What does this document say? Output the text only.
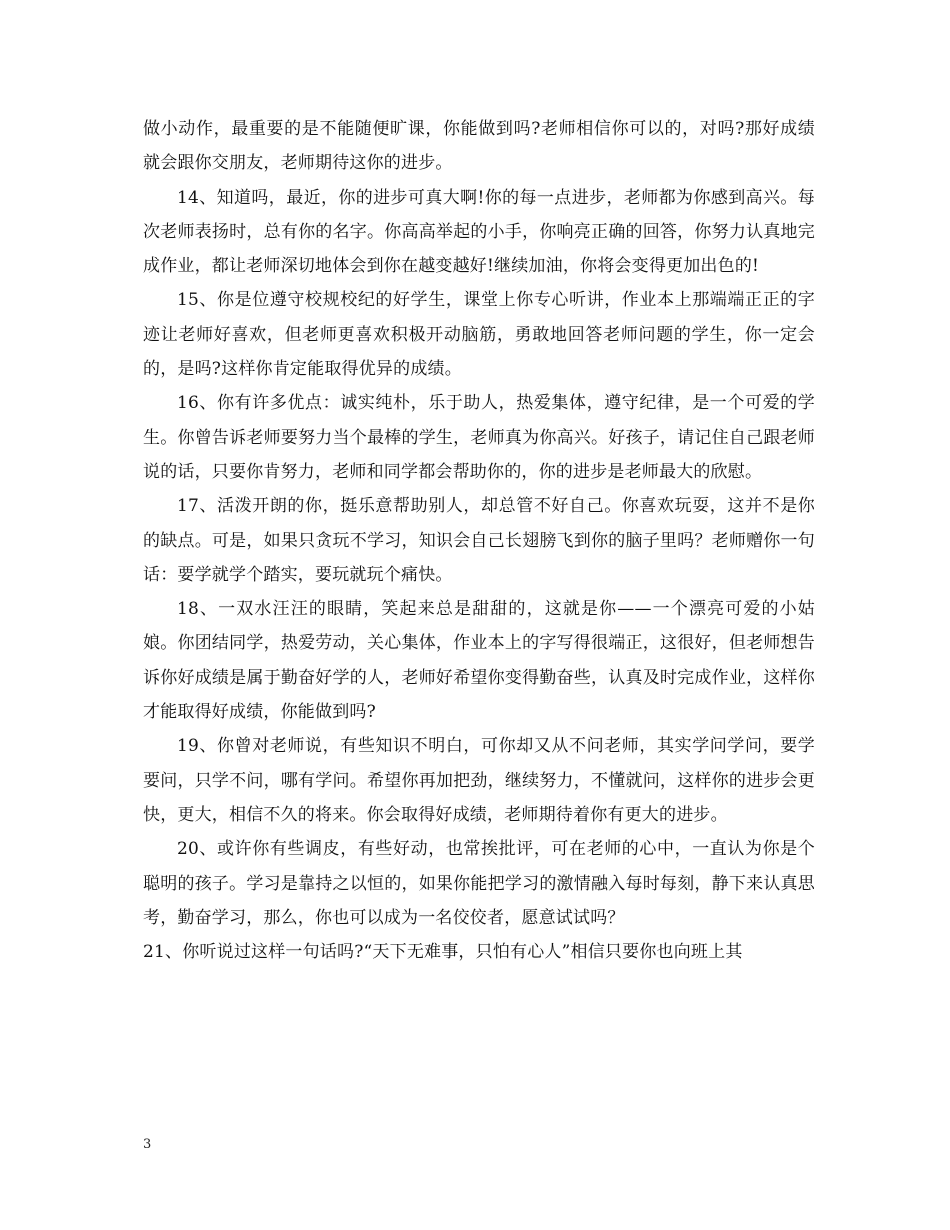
做小动作，最重要的是不能随便旷课，你能做到吗?老师相信你可以的，对吗?那好成绩就会跟你交朋友，老师期待这你的进步。

14、知道吗，最近，你的进步可真大啊!你的每一点进步，老师都为你感到高兴。每次老师表扬时，总有你的名字。你高高举起的小手，你响亮正确的回答，你努力认真地完成作业，都让老师深切地体会到你在越变越好!继续加油，你将会变得更加出色的!

15、你是位遵守校规校纪的好学生，课堂上你专心听讲，作业本上那端端正正的字迹让老师好喜欢，但老师更喜欢积极开动脑筋，勇敢地回答老师问题的学生，你一定会的，是吗?这样你肯定能取得优异的成绩。

16、你有许多优点：诚实纯朴，乐于助人，热爱集体，遵守纪律，是一个可爱的学生。你曾告诉老师要努力当个最棒的学生，老师真为你高兴。好孩子，请记住自己跟老师说的话，只要你肯努力，老师和同学都会帮助你的，你的进步是老师最大的欣慰。

17、活泼开朗的你，挺乐意帮助别人，却总管不好自己。你喜欢玩耍，这并不是你的缺点。可是，如果只贪玩不学习，知识会自己长翅膀飞到你的脑子里吗？老师赠你一句话：要学就学个踏实，要玩就玩个痛快。

18、一双水汪汪的眼睛，笑起来总是甜甜的，这就是你——一个漂亮可爱的小姑娘。你团结同学，热爱劳动，关心集体，作业本上的字写得很端正，这很好，但老师想告诉你好成绩是属于勤奋好学的人，老师好希望你变得勤奋些，认真及时完成作业，这样你才能取得好成绩，你能做到吗?

19、你曾对老师说，有些知识不明白，可你却又从不问老师，其实学问学问，要学要问，只学不问，哪有学问。希望你再加把劲，继续努力，不懂就问，这样你的进步会更快，更大，相信不久的将来。你会取得好成绩，老师期待着你有更大的进步。

20、或许你有些调皮，有些好动，也常挨批评，可在老师的心中，一直认为你是个聪明的孩子。学习是靠持之以恒的，如果你能把学习的激情融入每时每刻，静下来认真思考，勤奋学习，那么，你也可以成为一名佼佼者，愿意试试吗？

21、你听说过这样一句话吗?“天下无难事，只怕有心人”相信只要你也向班上其

3
